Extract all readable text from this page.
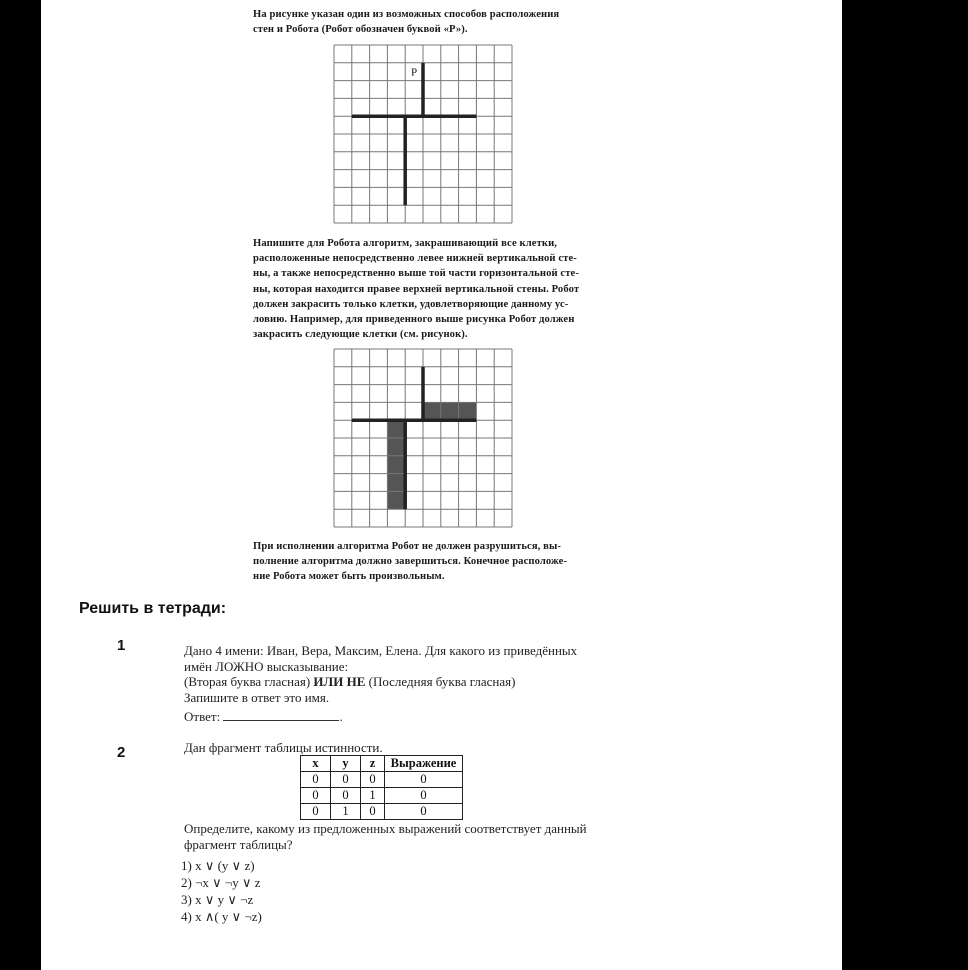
На рисунке указан один из возможных способов расположения

стен и Робота (Робот обозначен буквой «Р»).

Р

Напишите для Робота алгоритм, закрашивающий все клетки,

расположенные непосредственно левее нижней вертикальной сте-

ны, а также непосредственно выше той части горизонтальной сте-

ны, которая находится правее верхней вертикальной стены. Робот

должен закрасить только клетки, удовлетворяющие данному ус-

ловию. Например, для приведенного выше рисунка Робот должен

закрасить следующие клетки (см. рисунок).

При исполнении алгоритма Робот не должен разрушиться, вы-

полнение алгоритма должно завершиться. Конечное расположе-

ние Робота может быть произвольным.

Решить в тетради:
1	Дано 4 имени: Иван, Вера, Максим, Елена. Для какого из приведённых

имён ЛОЖНО высказывание:

(Вторая буква гласная) ИЛИ НЕ (Последняя буква гласная)

Запишите в ответ это имя.

Ответ:	.

2	Дан фрагмент таблицы истинности.
x	y	z	Выражение
0	0	0	0
0	0	1	0
0	1	0	0

Определите, какому из предложенных выражений соответствует данный

фрагмент таблицы?

1) x ∨ (y ∨ z)

2) ¬x ∨ ¬y ∨ z

3) x ∨ y ∨ ¬z

4) x ∧( y ∨ ¬z)
